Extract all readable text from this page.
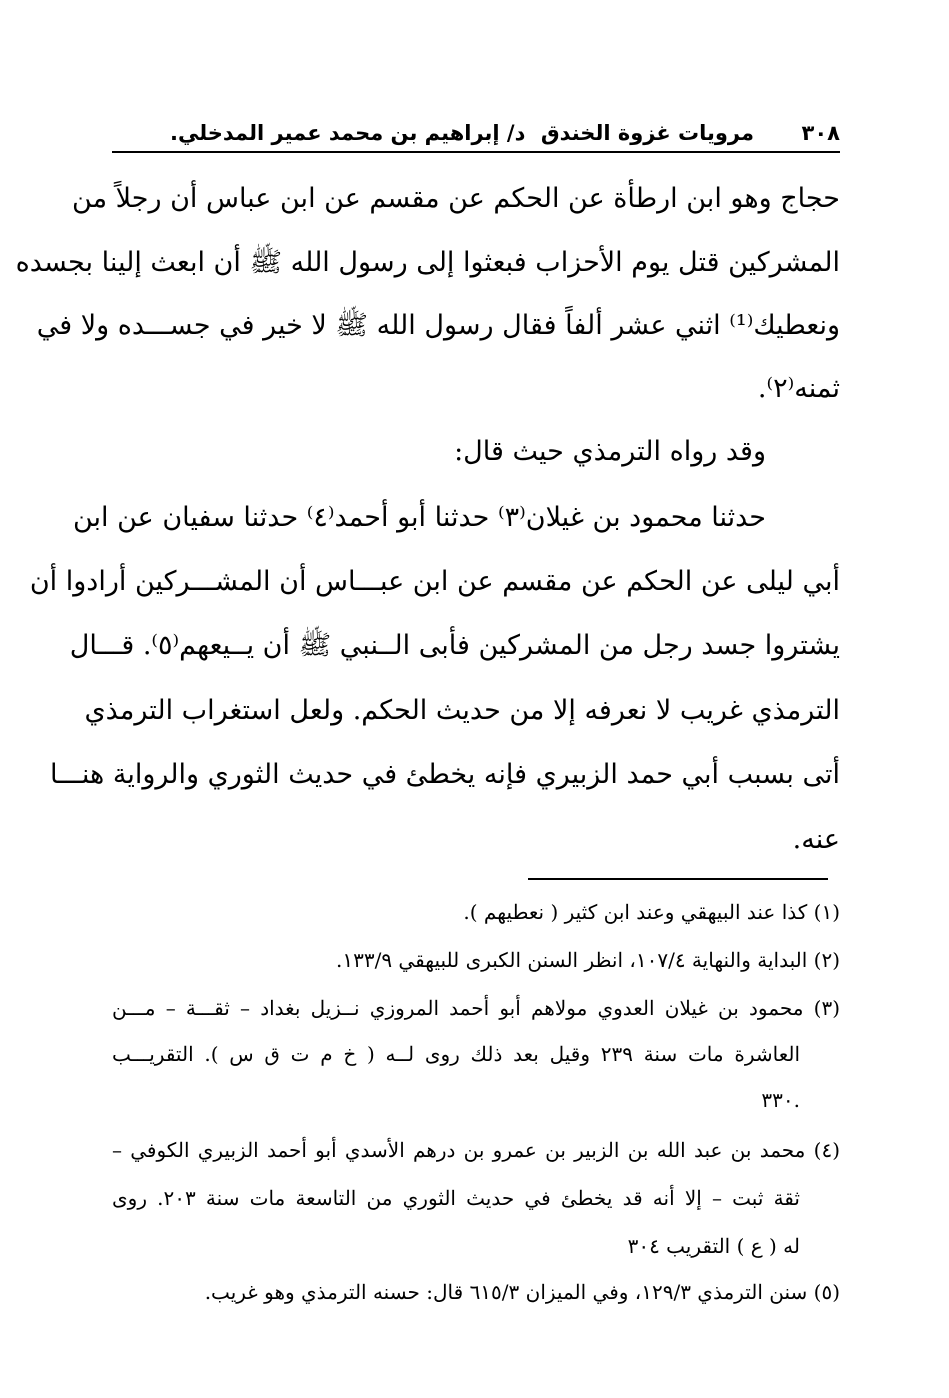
٣٠٨
مرويات غزوة الخندق
د/ إبراهيم بن محمد عمير المدخلي.
حجاج وهو ابن ارطأة عن الحكم عن مقسم عن ابن عباس أن رجلاً من
المشركين قتل يوم الأحزاب فبعثوا إلى رسول الله ﷺ أن ابعث إلينا بجسده
ونعطيك⁽¹⁾ اثني عشر ألفاً فقال رسول الله ﷺ لا خير في جســـده ولا في
ثمنه⁽٢⁾.
وقد رواه الترمذي حيث قال:
حدثنا محمود بن غيلان⁽٣⁾ حدثنا أبو أحمد⁽٤⁾ حدثنا سفيان عن ابن
أبي ليلى عن الحكم عن مقسم عن ابن عبـــاس أن المشـــركين أرادوا أن
يشتروا جسد رجل من المشركين فأبى الــنبي ﷺ أن يــيعهم⁽٥⁾. قـــال
الترمذي غريب لا نعرفه إلا من حديث الحكم. ولعل استغراب الترمذي
أتى بسبب أبي حمد الزبيري فإنه يخطئ في حديث الثوري والرواية هنـــا
عنه.
(١) كذا عند البيهقي وعند ابن كثير ( نعطيهم ).
(٢) البداية والنهاية ١٠٧/٤، انظر السنن الكبرى للبيهقي ١٣٣/٩.
(٣) محمود بن غيلان العدوي مولاهم أبو أحمد المروزي نــزيل بغداد – ثقـــة – مـــن
العاشرة مات سنة ٢٣٩ وقيل بعد ذلك روى لــه ( خ م ت ق س ). التقريـــب
.٣٣٠
(٤) محمد بن عبد الله بن الزبير بن عمرو بن درهم الأسدي أبو أحمد الزبيري الكوفي –
ثقة ثبت – إلا أنه قد يخطئ في حديث الثوري من التاسعة مات سنة ٢٠٣. روى
له ( ع ) التقريب ٣٠٤
(٥) سنن الترمذي ١٢٩/٣، وفي الميزان ٦١٥/٣ قال: حسنه الترمذي وهو غريب.
